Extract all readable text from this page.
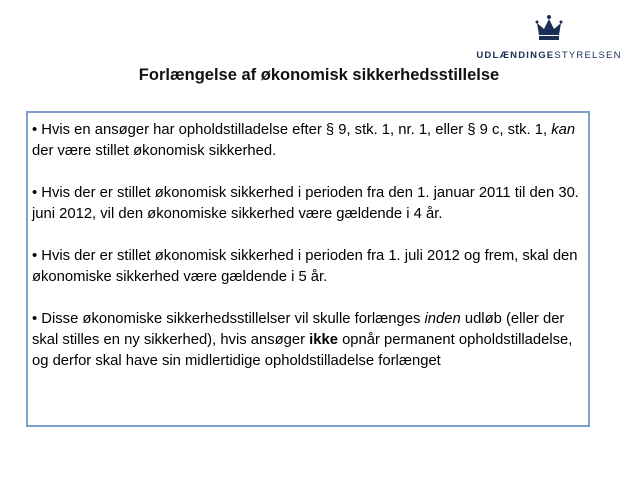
UDLÆNDINGESTYRELSEN
Forlængelse af økonomisk sikkerhedsstillelse

• Hvis en ansøger har opholdstilladelse efter § 9, stk. 1, nr. 1, eller § 9 c, stk. 1, kan der være stillet økonomisk sikkerhed.

• Hvis der er stillet økonomisk sikkerhed i perioden fra den 1. januar 2011 til den 30. juni 2012, vil den økonomiske sikkerhed være gældende i 4 år.

• Hvis der er stillet økonomisk sikkerhed i perioden fra 1. juli 2012 og frem, skal den økonomiske sikkerhed være gældende i 5 år.

• Disse økonomiske sikkerhedsstillelser vil skulle forlænges inden udløb (eller der skal stilles en ny sikkerhed), hvis ansøger ikke opnår permanent opholdstilladelse, og derfor skal have sin midlertidige opholdstilladelse forlænget
